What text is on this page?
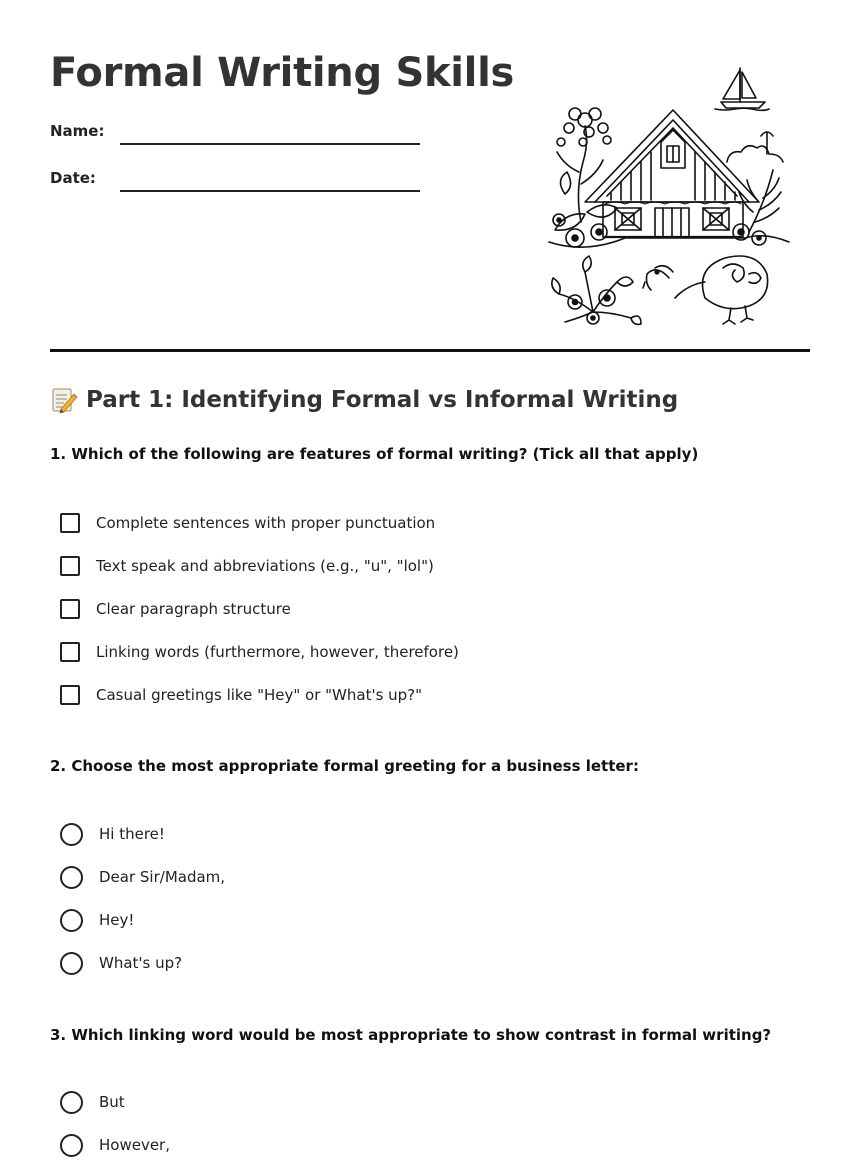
Formal Writing Skills
Name:
Date:
Part 1: Identifying Formal vs Informal Writing

1. Which of the following are features of formal writing? (Tick all that apply)

Complete sentences with proper punctuation
Text speak and abbreviations (e.g., "u", "lol")
Clear paragraph structure
Linking words (furthermore, however, therefore)
Casual greetings like "Hey" or "What's up?"

2. Choose the most appropriate formal greeting for a business letter:

Hi there!
Dear Sir/Madam,
Hey!
What's up?

3. Which linking word would be most appropriate to show contrast in formal writing?

But
However,
